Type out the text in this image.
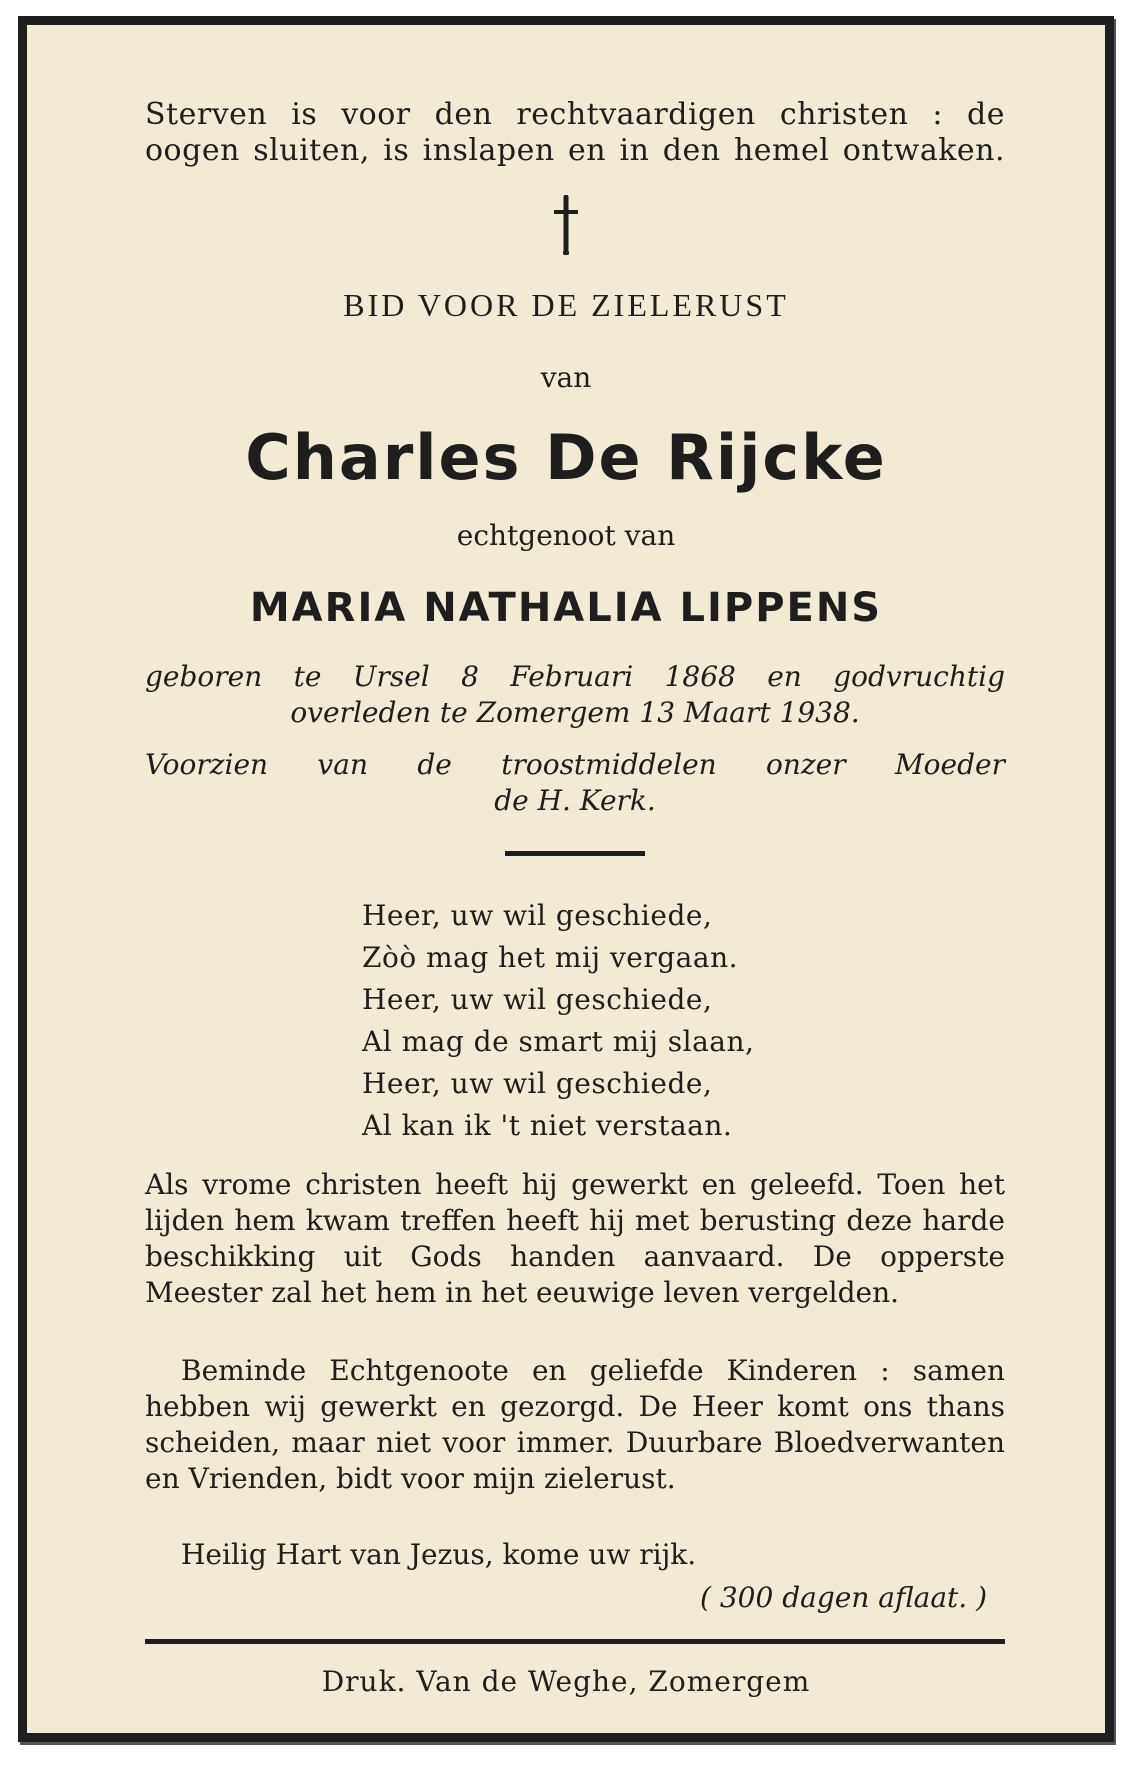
Sterven is voor den rechtvaardigen christen : de
oogen sluiten, is inslapen en in den hemel ontwaken.
BID VOOR DE ZIELERUST
van
Charles De Rijcke
echtgenoot van
MARIA NATHALIA LIPPENS
geboren te Ursel 8 Februari 1868 en godvruchtig
overleden te Zomergem 13 Maart 1938.
Voorzien van de troostmiddelen onzer Moeder
de H. Kerk.
Heer, uw wil geschiede,
Zòò mag het mij vergaan.
Heer, uw wil geschiede,
Al mag de smart mij slaan,
Heer, uw wil geschiede,
Al kan ik 't niet verstaan.
Als vrome christen heeft hij gewerkt en geleefd. Toen het lijden hem kwam treffen heeft hij met berusting deze harde beschikking uit Gods handen aanvaard. De opperste Meester zal het hem in het eeuwige leven vergelden.
Beminde Echtgenoote en geliefde Kinderen : samen hebben wij gewerkt en gezorgd. De Heer komt ons thans scheiden, maar niet voor immer. Duurbare Bloedverwanten en Vrienden, bidt voor mijn zielerust.
Heilig Hart van Jezus, kome uw rijk.
( 300 dagen aflaat. )
Druk. Van de Weghe, Zomergem
